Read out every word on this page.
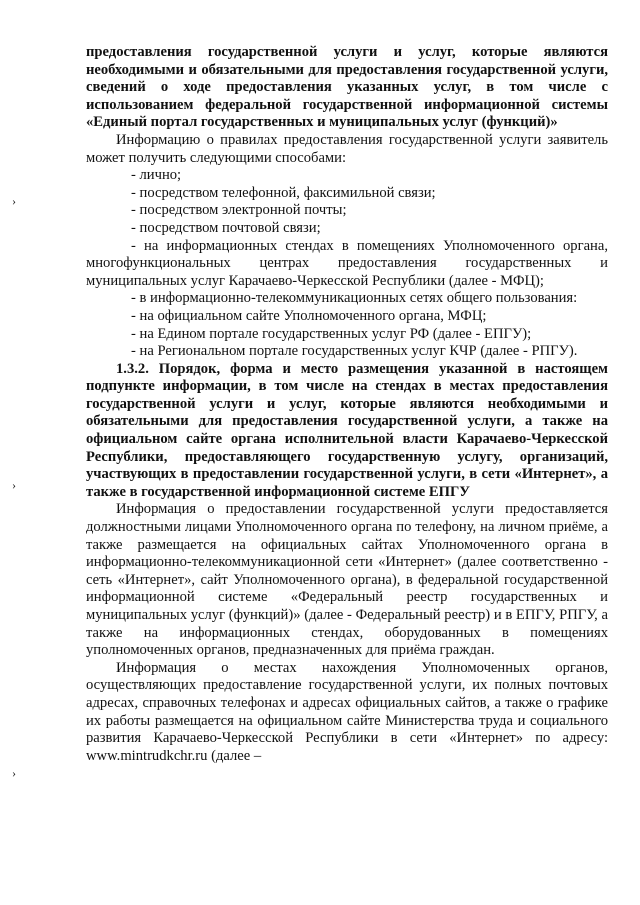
›
›
›

предоставления государственной услуги и услуг, которые являются необходимыми и обязательными для предоставления государственной услуги, сведений о ходе предоставления указанных услуг, в том числе с использованием федеральной государственной информационной системы «Единый портал государственных и муниципальных услуг (функций)»

Информацию о правилах предоставления государственной услуги заявитель может получить следующими способами:

- лично;

- посредством телефонной, факсимильной связи;

- посредством электронной почты;

- посредством почтовой связи;

- на информационных стендах в помещениях Уполномоченного органа, многофункциональных центрах предоставления государственных и муниципальных услуг Карачаево-Черкесской Республики (далее - МФЦ);

- в информационно-телекоммуникационных сетях общего пользования:

- на официальном сайте Уполномоченного органа, МФЦ;

- на Едином портале государственных услуг РФ (далее - ЕПГУ);

- на Региональном портале государственных услуг КЧР (далее - РПГУ).

1.3.2. Порядок, форма и место размещения указанной в настоящем подпункте информации, в том числе на стендах в местах предоставления государственной услуги и услуг, которые являются необходимыми и обязательными для предоставления государственной услуги, а также на официальном сайте органа исполнительной власти Карачаево-Черкесской Республики, предоставляющего государственную услугу, организаций, участвующих в предоставлении государственной услуги, в сети «Интернет», а также в государственной информационной системе ЕПГУ

Информация о предоставлении государственной услуги предоставляется должностными лицами Уполномоченного органа по телефону, на личном приёме, а также размещается на официальных сайтах Уполномоченного органа в информационно-телекоммуникационной сети «Интернет» (далее соответственно - сеть «Интернет», сайт Уполномоченного органа), в федеральной государственной информационной системе «Федеральный реестр государственных и муниципальных услуг (функций)» (далее - Федеральный реестр) и в ЕПГУ, РПГУ, а также на информационных стендах, оборудованных в помещениях уполномоченных органов, предназначенных для приёма граждан.

Информация о местах нахождения Уполномоченных органов, осуществляющих предоставление государственной услуги, их полных почтовых адресах, справочных телефонах и адресах официальных сайтов, а также о графике их работы размещается на официальном сайте Министерства труда и социального развития Карачаево-Черкесской Республики в сети «Интернет» по адресу: www.mintrudkchr.ru (далее –
